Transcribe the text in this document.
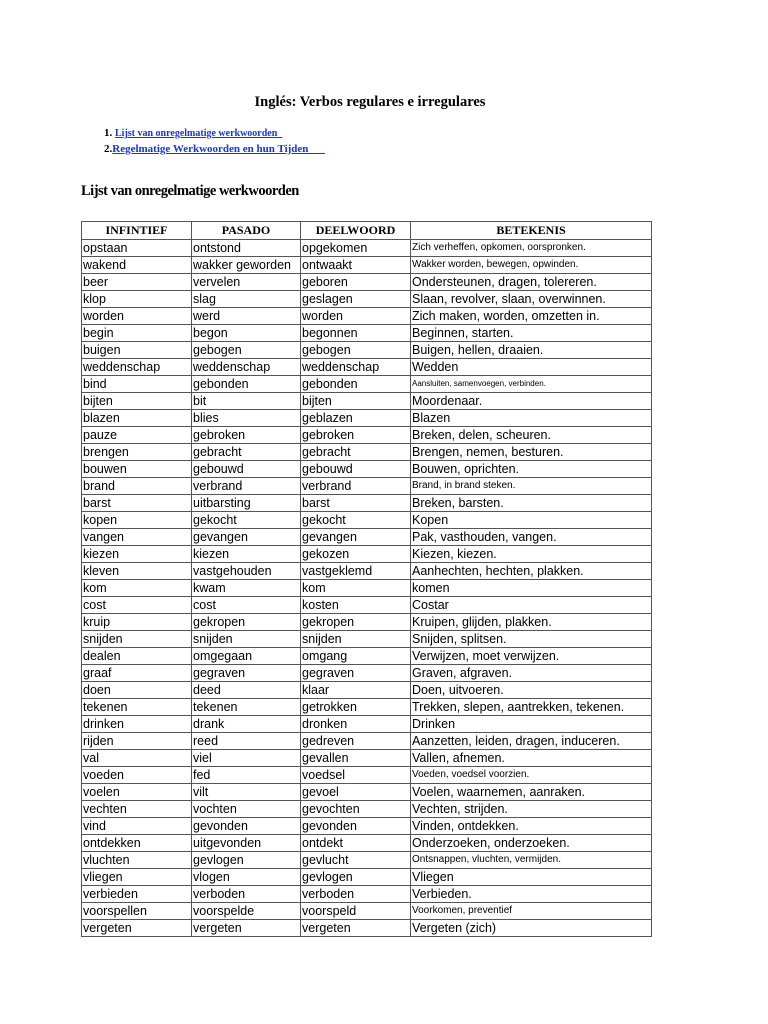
Inglés: Verbos regulares e irregulares
1. Lijst van onregelmatige werkwoorden
2.Regelmatige Werkwoorden en hun Tijden
Lijst van onregelmatige werkwoorden
INFINTIEF	PASADO	DEELWOORD	BETEKENIS
opstaan	ontstond	opgekomen	Zich verheffen, opkomen, oorspronken.
wakend	wakker geworden	ontwaakt	Wakker worden, bewegen, opwinden.
beer	vervelen	geboren	Ondersteunen, dragen, tolereren.
klop	slag	geslagen	Slaan, revolver, slaan, overwinnen.
worden	werd	worden	Zich maken, worden, omzetten in.
begin	begon	begonnen	Beginnen, starten.
buigen	gebogen	gebogen	Buigen, hellen, draaien.
weddenschap	weddenschap	weddenschap	Wedden
bind	gebonden	gebonden	Aansluiten, samenvoegen, verbinden.
bijten	bit	bijten	Moordenaar.
blazen	blies	geblazen	Blazen
pauze	gebroken	gebroken	Breken, delen, scheuren.
brengen	gebracht	gebracht	Brengen, nemen, besturen.
bouwen	gebouwd	gebouwd	Bouwen, oprichten.
brand	verbrand	verbrand	Brand, in brand steken.
barst	uitbarsting	barst	Breken, barsten.
kopen	gekocht	gekocht	Kopen
vangen	gevangen	gevangen	Pak, vasthouden, vangen.
kiezen	kiezen	gekozen	Kiezen, kiezen.
kleven	vastgehouden	vastgeklemd	Aanhechten, hechten, plakken.
kom	kwam	kom	komen
cost	cost	kosten	Costar
kruip	gekropen	gekropen	Kruipen, glijden, plakken.
snijden	snijden	snijden	Snijden, splitsen.
dealen	omgegaan	omgang	Verwijzen, moet verwijzen.
graaf	gegraven	gegraven	Graven, afgraven.
doen	deed	klaar	Doen, uitvoeren.
tekenen	tekenen	getrokken	Trekken, slepen, aantrekken, tekenen.
drinken	drank	dronken	Drinken
rijden	reed	gedreven	Aanzetten, leiden, dragen, induceren.
val	viel	gevallen	Vallen, afnemen.
voeden	fed	voedsel	Voeden, voedsel voorzien.
voelen	vilt	gevoel	Voelen, waarnemen, aanraken.
vechten	vochten	gevochten	Vechten, strijden.
vind	gevonden	gevonden	Vinden, ontdekken.
ontdekken	uitgevonden	ontdekt	Onderzoeken, onderzoeken.
vluchten	gevlogen	gevlucht	Ontsnappen, vluchten, vermijden.
vliegen	vlogen	gevlogen	Vliegen
verbieden	verboden	verboden	Verbieden.
voorspellen	voorspelde	voorspeld	Voorkomen, preventief
vergeten	vergeten	vergeten	Vergeten (zich)
